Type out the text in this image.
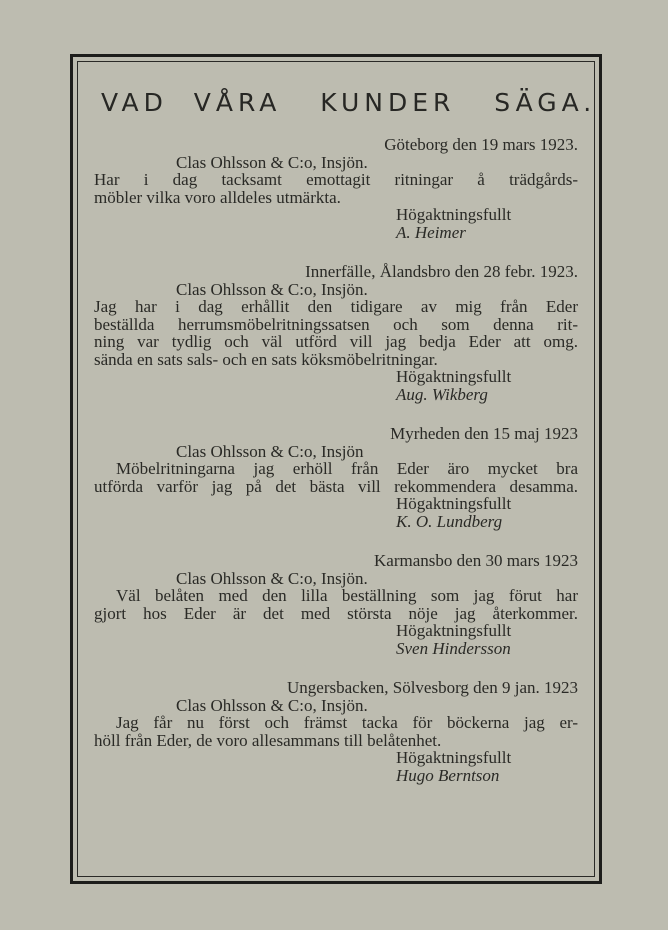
VAD  VÅRA   KUNDER   SÄGA.
Göteborg den 19 mars 1923.
Clas Ohlsson & C:o, Insjön.
Har i dag tacksamt emottagit ritningar å trädgårds-
möbler vilka voro alldeles utmärkta.
Högaktningsfullt
A. Heimer
Innerfälle, Ålandsbro den 28 febr. 1923.
Clas Ohlsson & C:o, Insjön.
Jag har i dag erhållit den tidigare av mig från Eder
beställda herrumsmöbelritningssatsen och som denna rit-
ning var tydlig och väl utförd vill jag bedja Eder att omg.
sända en sats sals- och en sats köksmöbelritningar.
Högaktningsfullt
Aug. Wikberg
Myrheden den 15 maj 1923
Clas Ohlsson & C:o, Insjön
Möbelritningarna jag erhöll från Eder äro mycket bra
utförda varför jag på det bästa vill rekommendera desamma.
Högaktningsfullt
K. O. Lundberg
Karmansbo den 30 mars 1923
Clas Ohlsson & C:o, Insjön.
Väl belåten med den lilla beställning som jag förut har
gjort hos Eder är det med största nöje jag återkommer.
Högaktningsfullt
Sven Hindersson
Ungersbacken, Sölvesborg den 9 jan. 1923
Clas Ohlsson & C:o, Insjön.
Jag får nu först och främst tacka för böckerna jag er-
höll från Eder, de voro allesammans till belåtenhet.
Högaktningsfullt
Hugo Berntson
